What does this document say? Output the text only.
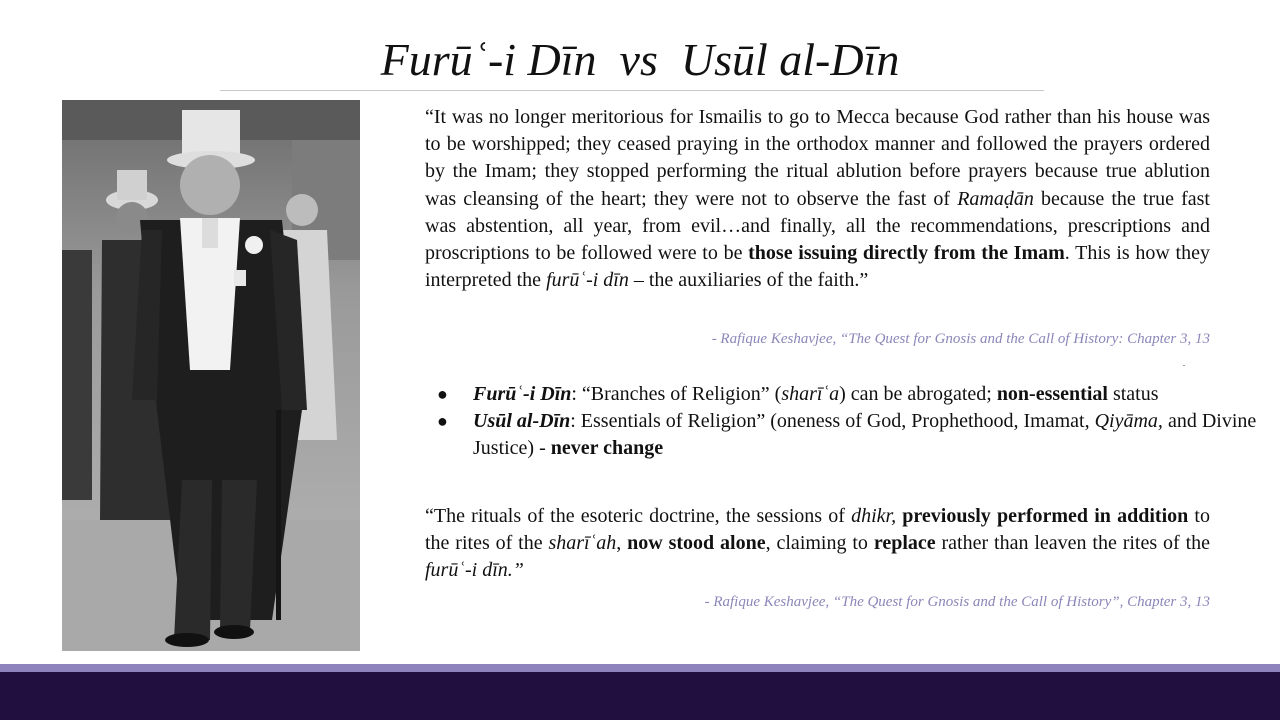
Furūʿ-i Dīn  vs  Usūl al-Dīn
“It was no longer meritorious for Ismailis to go to Mecca because God rather than his house was to be worshipped; they ceased praying in the orthodox manner and followed the prayers ordered by the Imam; they stopped performing the ritual ablution before prayers because true ablution was cleansing of the heart; they were not to observe the fast of Ramaḍān because the true fast was abstention, all year, from evil…and finally, all the recommendations, prescriptions and proscriptions to be followed were to be those issuing directly from the Imam. This is how they interpreted the furūʿ-i dīn – the auxiliaries of the faith.”
- Rafique Keshavjee, “The Quest for Gnosis and the Call of History: Chapter 3, 13
● Furūʿ-i Dīn: “Branches of Religion” (sharīʿa) can be abrogated; non-essential status
● Usūl al-Dīn: Essentials of Religion” (oneness of God, Prophethood, Imamat, Qiyāma, and Divine Justice) - never change
“The rituals of the esoteric doctrine, the sessions of dhikr, previously performed in addition to the rites of the sharīʿah, now stood alone, claiming to replace rather than leaven the rites of the furūʿ-i dīn.”
- Rafique Keshavjee, “The Quest for Gnosis and the Call of History”, Chapter 3, 13
